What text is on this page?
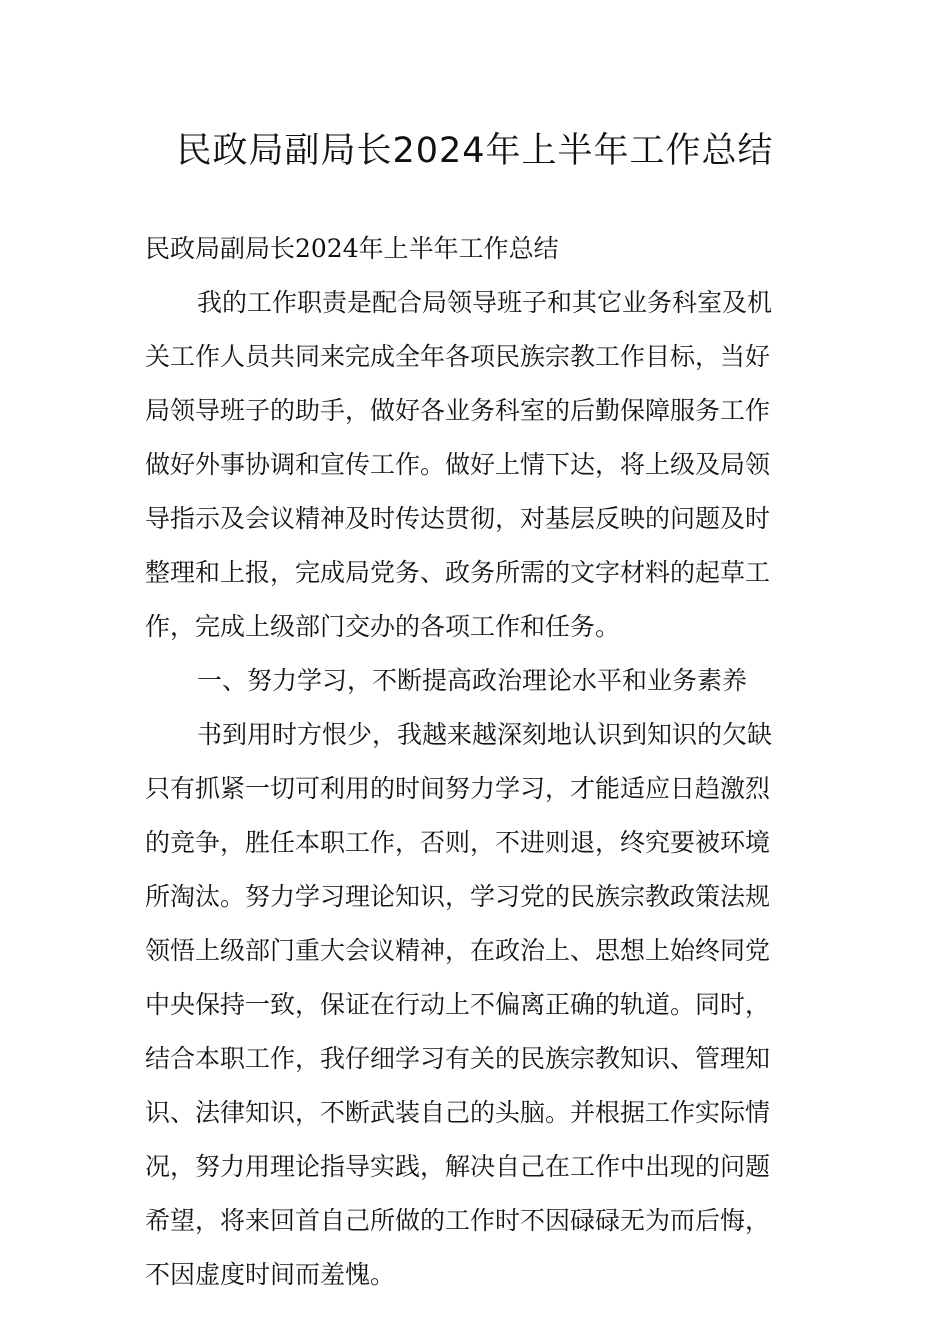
民政局副局长2024年上半年工作总结

民政局副局长2024年上半年工作总结

我的工作职责是配合局领导班子和其它业务科室及机

关工作人员共同来完成全年各项民族宗教工作目标，当好

局领导班子的助手，做好各业务科室的后勤保障服务工作

做好外事协调和宣传工作。做好上情下达，将上级及局领

导指示及会议精神及时传达贯彻，对基层反映的问题及时

整理和上报，完成局党务、政务所需的文字材料的起草工

作，完成上级部门交办的各项工作和任务。

一、努力学习，不断提高政治理论水平和业务素养

书到用时方恨少，我越来越深刻地认识到知识的欠缺

只有抓紧一切可利用的时间努力学习，才能适应日趋激烈

的竞争，胜任本职工作，否则，不进则退，终究要被环境

所淘汰。努力学习理论知识，学习党的民族宗教政策法规

领悟上级部门重大会议精神，在政治上、思想上始终同党

中央保持一致，保证在行动上不偏离正确的轨道。同时，

结合本职工作，我仔细学习有关的民族宗教知识、管理知

识、法律知识，不断武装自己的头脑。并根据工作实际情

况，努力用理论指导实践，解决自己在工作中出现的问题

希望，将来回首自己所做的工作时不因碌碌无为而后悔，

不因虚度时间而羞愧。
